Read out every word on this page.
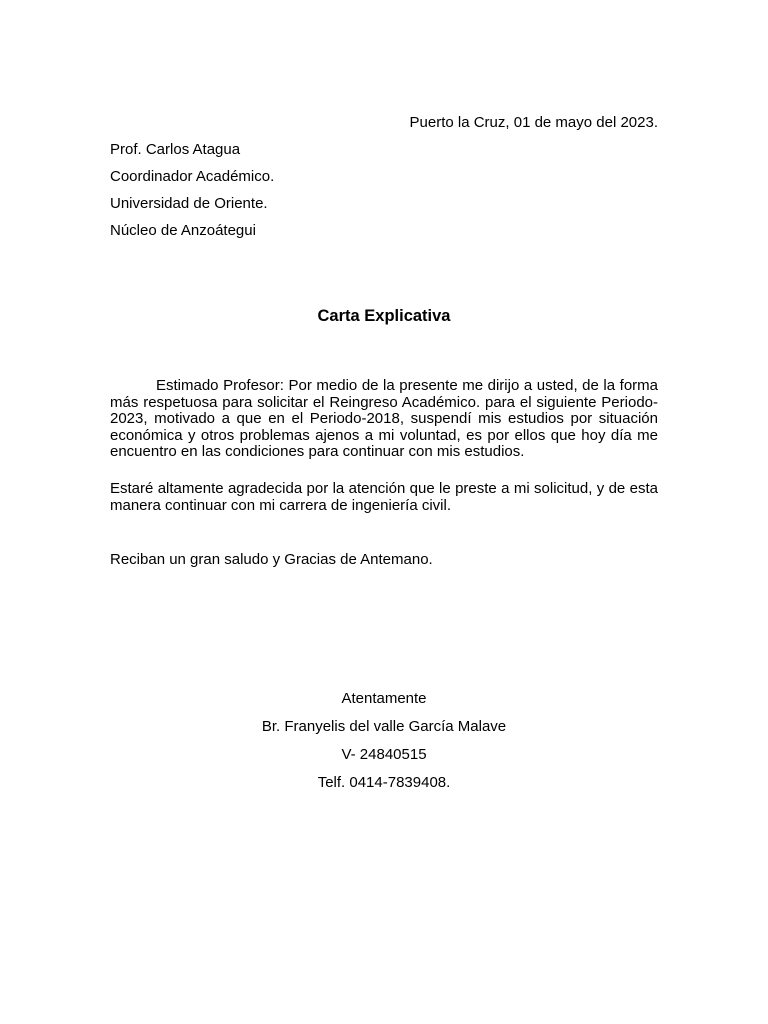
Puerto la Cruz, 01 de mayo del 2023.
Prof. Carlos Atagua
Coordinador Académico.
Universidad de Oriente.
Núcleo de Anzoátegui
Carta Explicativa
Estimado Profesor: Por medio de la presente me dirijo a usted, de la forma más respetuosa para solicitar el Reingreso Académico. para el siguiente Periodo-2023, motivado a que en el Periodo-2018, suspendí mis estudios por situación económica y otros problemas ajenos a mi voluntad, es por ellos que hoy día me encuentro en las condiciones para continuar con mis estudios.
Estaré altamente agradecida por la atención que le preste a mi solicitud, y de esta manera continuar con mi carrera de ingeniería civil.
Reciban un gran saludo y Gracias de Antemano.
Atentamente
Br. Franyelis del valle García Malave
V- 24840515
Telf. 0414-7839408.
